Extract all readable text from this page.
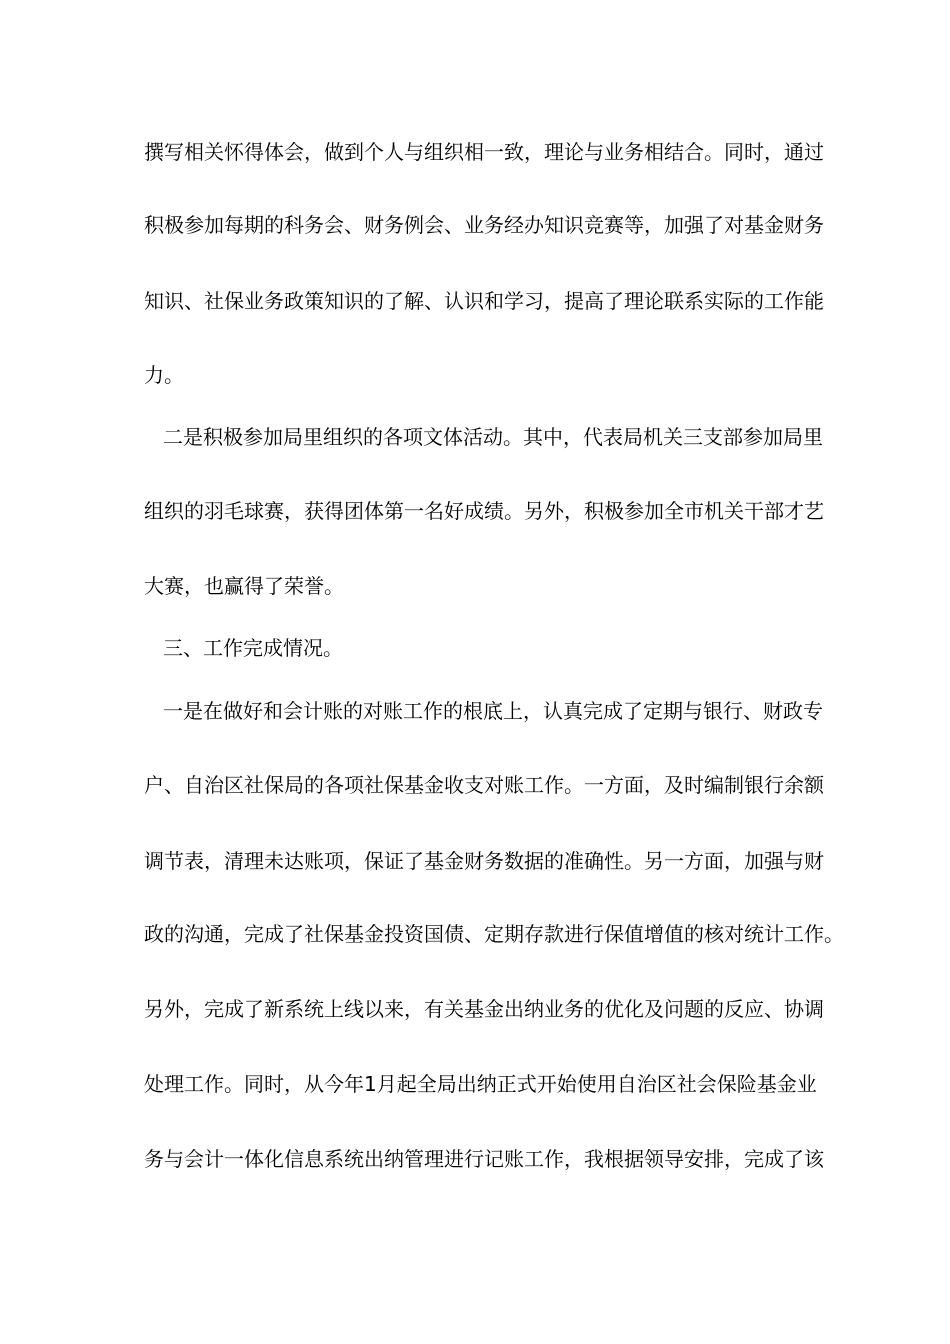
撰写相关怀得体会，做到个人与组织相一致，理论与业务相结合。同时，通过
积极参加每期的科务会、财务例会、业务经办知识竞赛等，加强了对基金财务
知识、社保业务政策知识的了解、认识和学习，提高了理论联系实际的工作能
力。
二是积极参加局里组织的各项文体活动。其中，代表局机关三支部参加局里
组织的羽毛球赛，获得团体第一名好成绩。另外，积极参加全市机关干部才艺
大赛，也赢得了荣誉。
三、工作完成情况。
一是在做好和会计账的对账工作的根底上，认真完成了定期与银行、财政专
户、自治区社保局的各项社保基金收支对账工作。一方面，及时编制银行余额
调节表，清理未达账项，保证了基金财务数据的准确性。另一方面，加强与财
政的沟通，完成了社保基金投资国债、定期存款进行保值增值的核对统计工作。
另外，完成了新系统上线以来，有关基金出纳业务的优化及问题的反应、协调
处理工作。同时，从今年1月起全局出纳正式开始使用自治区社会保险基金业
务与会计一体化信息系统出纳管理进行记账工作，我根据领导安排，完成了该
